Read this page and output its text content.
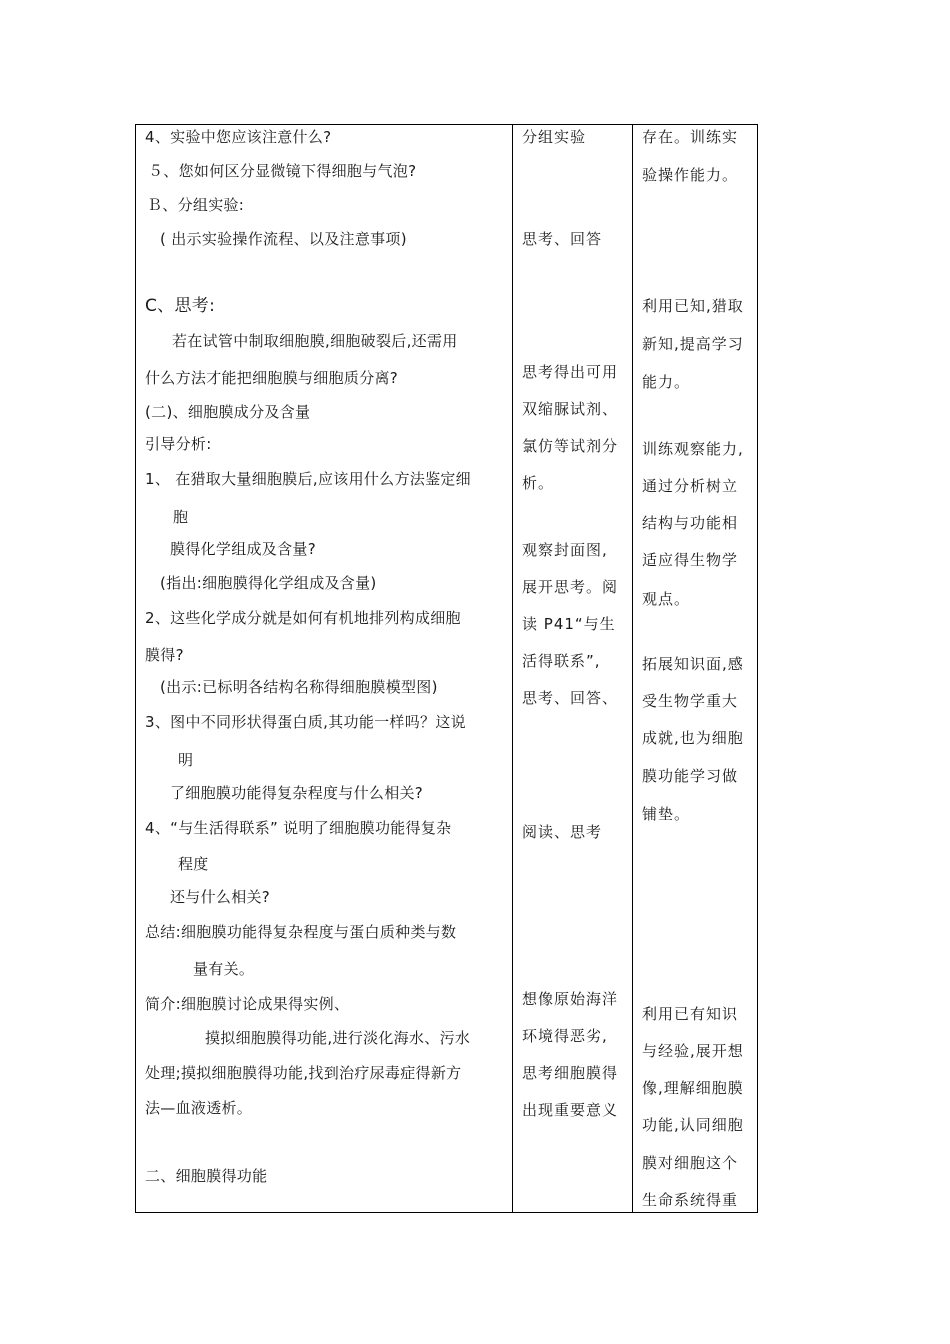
4、实验中您应该注意什么?
５、您如何区分显微镜下得细胞与气泡?
Ｂ、分组实验:
( 出示实验操作流程、以及注意事项)
C、思考:
若在试管中制取细胞膜,细胞破裂后,还需用
什么方法才能把细胞膜与细胞质分离?
(二)、细胞膜成分及含量
引导分析:
1、 在猎取大量细胞膜后,应该用什么方法鉴定细
胞
膜得化学组成及含量?
(指出:细胞膜得化学组成及含量)
2、这些化学成分就是如何有机地排列构成细胞
膜得?
(出示:已标明各结构名称得细胞膜模型图)
3、图中不同形状得蛋白质,其功能一样吗？这说
明
了细胞膜功能得复杂程度与什么相关?
4、“与生活得联系” 说明了细胞膜功能得复杂
程度
还与什么相关?
总结:细胞膜功能得复杂程度与蛋白质种类与数
量有关。
简介:细胞膜讨论成果得实例、
摸拟细胞膜得功能,进行淡化海水、污水
处理;摸拟细胞膜得功能,找到治疗尿毒症得新方
法—血液透析。
二、细胞膜得功能
分组实验
思考、回答
思考得出可用
双缩脲试剂、
氯仿等试剂分
析。
观察封面图,
展开思考。阅
读 P41“与生
活得联系”,
思考、回答、
阅读、思考
想像原始海洋
环境得恶劣,
思考细胞膜得
出现重要意义
存在。训练实
验操作能力。
利用已知,猎取
新知,提高学习
能力。
训练观察能力,
通过分析树立
结构与功能相
适应得生物学
观点。
拓展知识面,感
受生物学重大
成就,也为细胞
膜功能学习做
铺垫。
利用已有知识
与经验,展开想
像,理解细胞膜
功能,认同细胞
膜对细胞这个
生命系统得重
